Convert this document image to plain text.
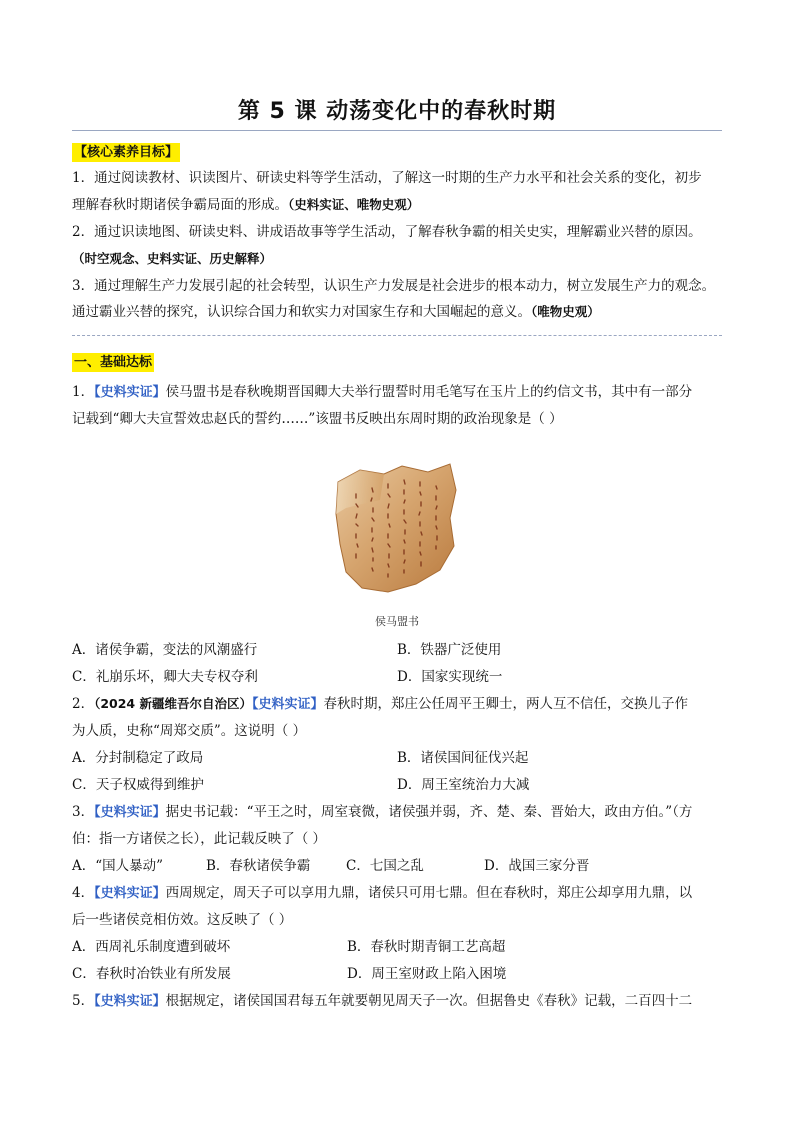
第 5 课 动荡变化中的春秋时期
【核心素养目标】
1．通过阅读教材、识读图片、研读史料等学生活动，了解这一时期的生产力水平和社会关系的变化，初步
理解春秋时期诸侯争霸局面的形成。（史料实证、唯物史观）
2．通过识读地图、研读史料、讲成语故事等学生活动，了解春秋争霸的相关史实，理解霸业兴替的原因。
（时空观念、史料实证、历史解释）
3．通过理解生产力发展引起的社会转型，认识生产力发展是社会进步的根本动力，树立发展生产力的观念。
通过霸业兴替的探究，认识综合国力和软实力对国家生存和大国崛起的意义。（唯物史观）
一、基础达标
1．【史料实证】侯马盟书是春秋晚期晋国卿大夫举行盟誓时用毛笔写在玉片上的约信文书，其中有一部分
记载到“卿大夫宣誓效忠赵氏的誓约……”该盟书反映出东周时期的政治现象是（ ）
侯马盟书
A．诸侯争霸，变法的风潮盛行	B．铁器广泛使用
C．礼崩乐坏，卿大夫专权夺利	D．国家实现统一
2．（2024 新疆维吾尔自治区）【史料实证】春秋时期，郑庄公任周平王卿士，两人互不信任，交换儿子作
为人质，史称“周郑交质”。这说明（ ）
A．分封制稳定了政局	B．诸侯国间征伐兴起
C．天子权威得到维护	D．周王室统治力大减
3．【史料实证】据史书记载：“平王之时，周室衰微，诸侯强并弱，齐、楚、秦、晋始大，政由方伯。”（方
伯：指一方诸侯之长），此记载反映了（ ）
A．“国人暴动”	B．春秋诸侯争霸	C．七国之乱	D．战国三家分晋
4．【史料实证】西周规定，周天子可以享用九鼎，诸侯只可用七鼎。但在春秋时，郑庄公却享用九鼎，以
后一些诸侯竞相仿效。这反映了（ ）
A．西周礼乐制度遭到破坏	B．春秋时期青铜工艺高超
C．春秋时冶铁业有所发展	D．周王室财政上陷入困境
5．【史料实证】根据规定，诸侯国国君每五年就要朝见周天子一次。但据鲁史《春秋》记载，二百四十二
